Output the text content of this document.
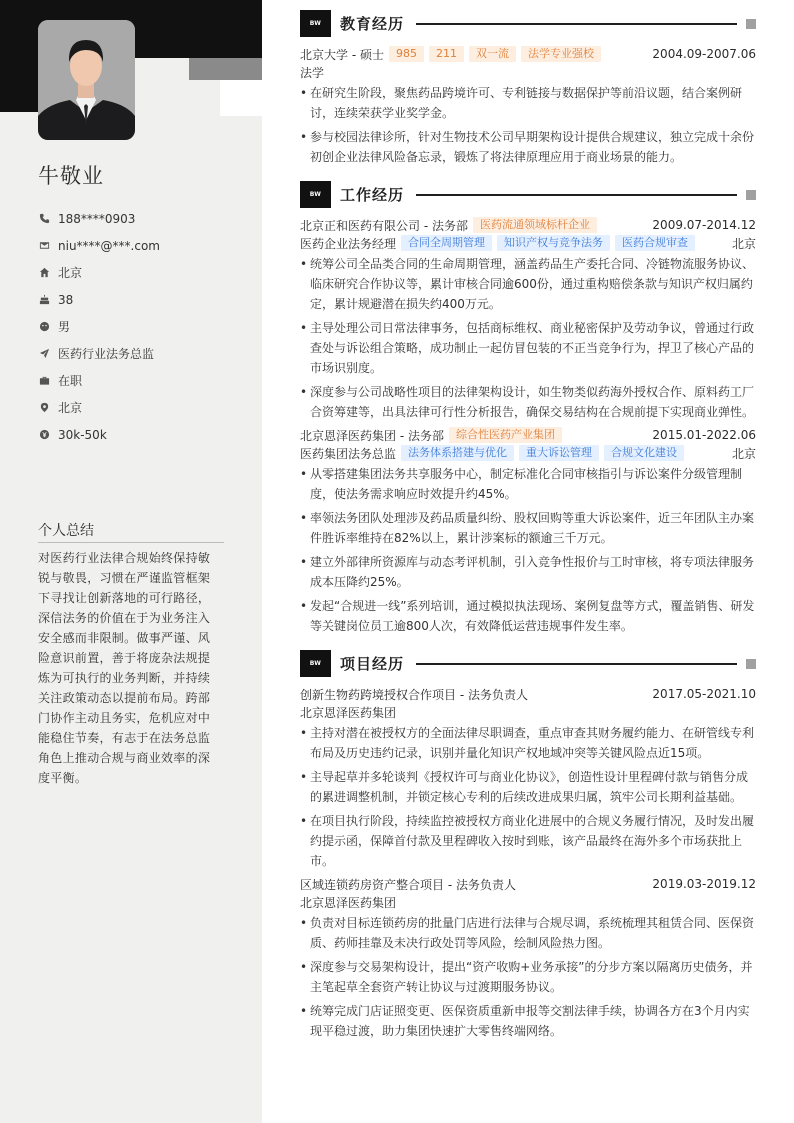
牛敬业
188****0903
niu****@***.com
北京
38
男
医药行业法务总监
在职
北京
30k-50k
个人总结

对医药行业法律合规始终保持敏锐与敬畏，习惯在严谨监管框架下寻找让创新落地的可行路径，深信法务的价值在于为业务注入安全感而非限制。做事严谨、风险意识前置，善于将庞杂法规提炼为可执行的业务判断，并持续关注政策动态以提前布局。跨部门协作主动且务实，危机应对中能稳住节奏，有志于在法务总监角色上推动合规与商业效率的深度平衡。

BW	教育经历
北京大学 - 硕士	985	211	双一流	法学专业强校	2004.09-2007.06
法学
• 在研究生阶段，聚焦药品跨境许可、专利链接与数据保护等前沿议题，结合案例研讨，连续荣获学业奖学金。
• 参与校园法律诊所，针对生物技术公司早期架构设计提供合规建议，独立完成十余份初创企业法律风险备忘录，锻炼了将法律原理应用于商业场景的能力。
BW	工作经历
北京正和医药有限公司 - 法务部	医药流通领域标杆企业	2009.07-2014.12
医药企业法务经理	合同全周期管理	知识产权与竞争法务	医药合规审查	北京
• 统筹公司全品类合同的生命周期管理，涵盖药品生产委托合同、冷链物流服务协议、临床研究合作协议等，累计审核合同逾600份，通过重构赔偿条款与知识产权归属约定，累计规避潜在损失约400万元。
• 主导处理公司日常法律事务，包括商标维权、商业秘密保护及劳动争议，曾通过行政查处与诉讼组合策略，成功制止一起仿冒包装的不正当竞争行为，捍卫了核心产品的市场识别度。
• 深度参与公司战略性项目的法律架构设计，如生物类似药海外授权合作、原料药工厂合资筹建等，出具法律可行性分析报告，确保交易结构在合规前提下实现商业弹性。
北京恩泽医药集团 - 法务部	综合性医药产业集团	2015.01-2022.06
医药集团法务总监	法务体系搭建与优化	重大诉讼管理	合规文化建设	北京
• 从零搭建集团法务共享服务中心，制定标准化合同审核指引与诉讼案件分级管理制度，使法务需求响应时效提升约45%。
• 率领法务团队处理涉及药品质量纠纷、股权回购等重大诉讼案件，近三年团队主办案件胜诉率维持在82%以上，累计涉案标的额逾三千万元。
• 建立外部律所资源库与动态考评机制，引入竞争性报价与工时审核，将专项法律服务成本压降约25%。
• 发起“合规进一线”系列培训，通过模拟执法现场、案例复盘等方式，覆盖销售、研发等关键岗位员工逾800人次，有效降低运营违规事件发生率。
BW	项目经历
创新生物药跨境授权合作项目 - 法务负责人	2017.05-2021.10
北京恩泽医药集团
• 主持对潜在被授权方的全面法律尽职调查，重点审查其财务履约能力、在研管线专利布局及历史违约记录，识别并量化知识产权地域冲突等关键风险点近15项。
• 主导起草并多轮谈判《授权许可与商业化协议》，创造性设计里程碑付款与销售分成的累进调整机制，并锁定核心专利的后续改进成果归属，筑牢公司长期利益基础。
• 在项目执行阶段，持续监控被授权方商业化进展中的合规义务履行情况，及时发出履约提示函，保障首付款及里程碑收入按时到账，该产品最终在海外多个市场获批上市。
区域连锁药房资产整合项目 - 法务负责人	2019.03-2019.12
北京恩泽医药集团
• 负责对目标连锁药房的批量门店进行法律与合规尽调，系统梳理其租赁合同、医保资质、药师挂靠及未决行政处罚等风险，绘制风险热力图。
• 深度参与交易架构设计，提出“资产收购+业务承接”的分步方案以隔离历史债务，并主笔起草全套资产转让协议与过渡期服务协议。
• 统筹完成门店证照变更、医保资质重新申报等交割法律手续，协调各方在3个月内实现平稳过渡，助力集团快速扩大零售终端网络。
